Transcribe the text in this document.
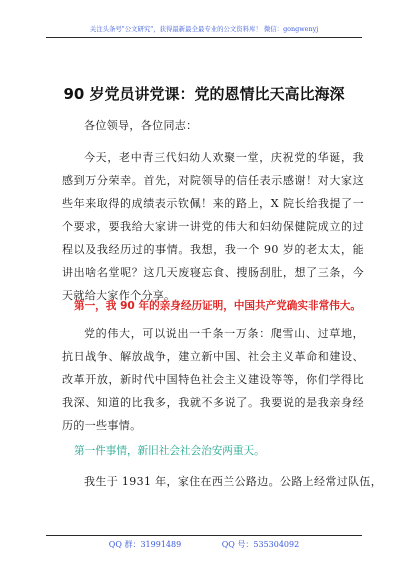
关注头条号"公文研究"，获得最新最全最专业的公文资料库！ 微信：gongwenyj
90 岁党员讲党课：党的恩情比天高比海深

各位领导，各位同志：

今天，老中青三代妇幼人欢聚一堂，庆祝党的华诞，我感到万分荣幸。首先，对院领导的信任表示感谢！对大家这些年来取得的成绩表示钦佩！来的路上，X 院长给我提了一个要求，要我给大家讲一讲党的伟大和妇幼保健院成立的过程以及我经历过的事情。我想，我一个 90 岁的老太太，能讲出啥名堂呢？这几天废寝忘食、搜肠刮肚，想了三条，今天就给大家作个分享。

第一，我 90 年的亲身经历证明，中国共产党确实非常伟大。

党的伟大，可以说出一千条一万条：爬雪山、过草地，抗日战争、解放战争，建立新中国、社会主义革命和建设、改革开放，新时代中国特色社会主义建设等等，你们学得比我深、知道的比我多，我就不多说了。我要说的是我亲身经历的一些事情。

第一件事情，新旧社会社会治安两重天。

我生于 1931 年，家住在西兰公路边。公路上经常过队伍，

QQ 群：31991489	QQ 号：535304092
